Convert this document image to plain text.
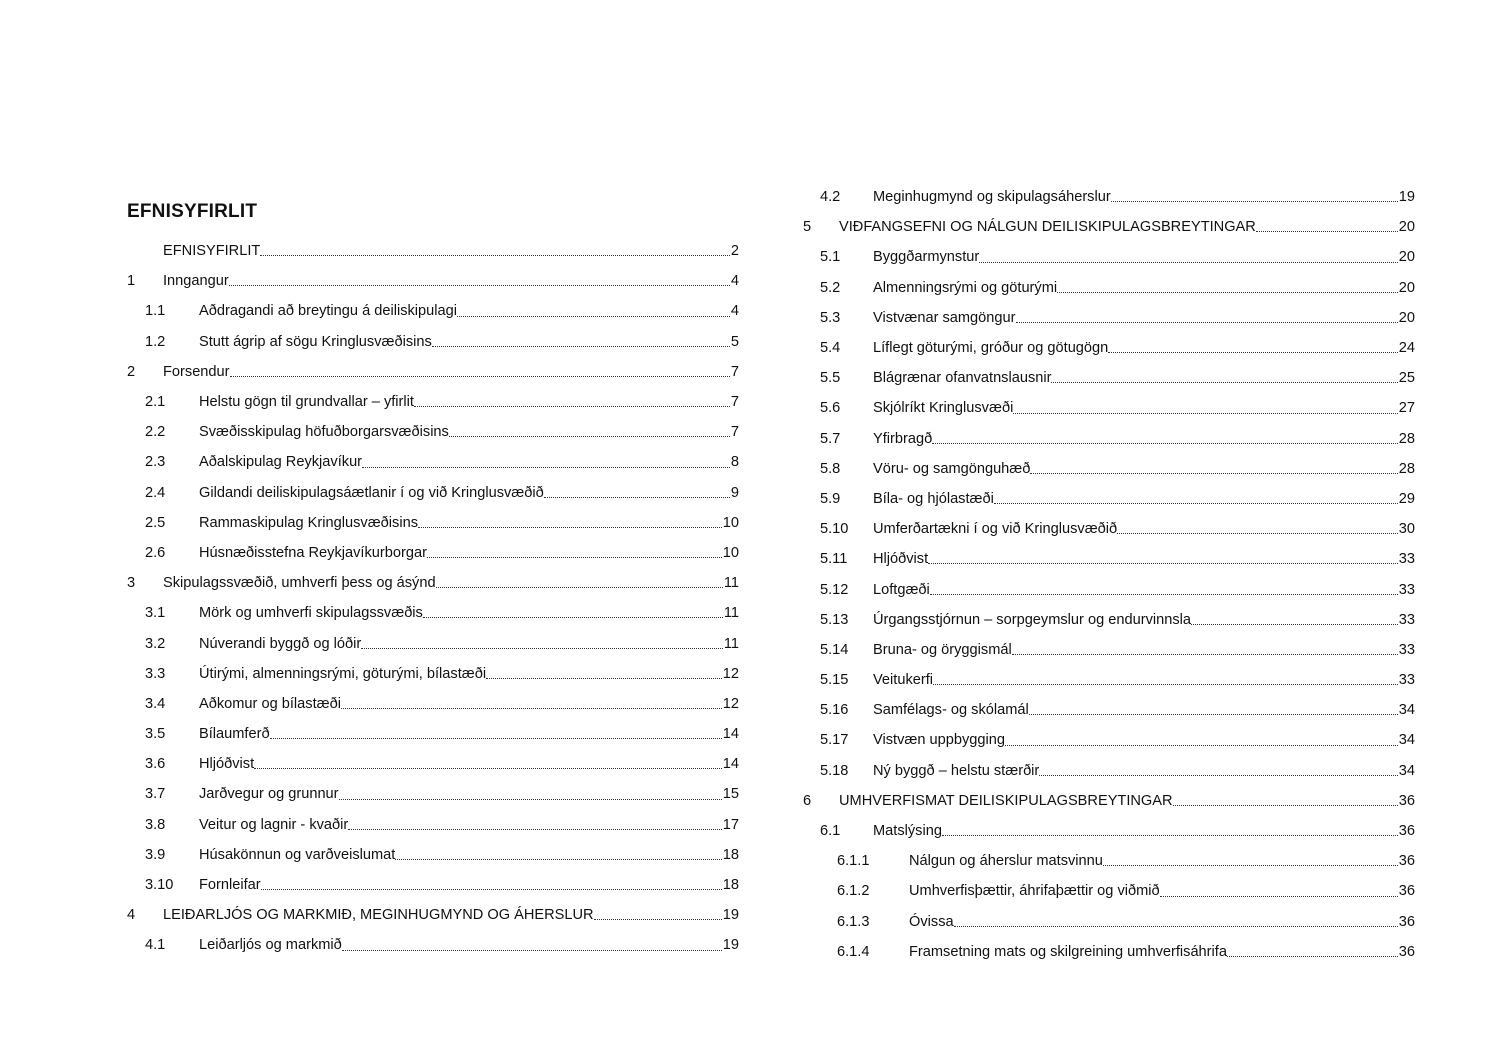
EFNISYFIRLIT
EFNISYFIRLIT	2
1	Inngangur	4
1.1	Aðdragandi að breytingu á deiliskipulagi	4
1.2	Stutt ágrip af sögu Kringlusvæðisins	5
2	Forsendur	7
2.1	Helstu gögn til grundvallar – yfirlit	7
2.2	Svæðisskipulag höfuðborgarsvæðisins	7
2.3	Aðalskipulag Reykjavíkur	8
2.4	Gildandi deiliskipulagsáætlanir í og við Kringlusvæðið	9
2.5	Rammaskipulag Kringlusvæðisins	10
2.6	Húsnæðisstefna Reykjavíkurborgar	10
3	Skipulagssvæðið, umhverfi þess og ásýnd	11
3.1	Mörk og umhverfi skipulagssvæðis	11
3.2	Núverandi byggð og lóðir	11
3.3	Útirými, almenningsrými, göturými, bílastæði	12
3.4	Aðkomur og bílastæði	12
3.5	Bílaumferð	14
3.6	Hljóðvist	14
3.7	Jarðvegur og grunnur	15
3.8	Veitur og lagnir - kvaðir	17
3.9	Húsakönnun og varðveislumat	18
3.10	Fornleifar	18
4	LEIÐARLJÓS OG MARKMIÐ, MEGINHUGMYND OG ÁHERSLUR	19
4.1	Leiðarljós og markmið	19
4.2	Meginhugmynd og skipulagsáherslur	19
5	VIÐFANGSEFNI OG NÁLGUN DEILISKIPULAGSBREYTINGAR	20
5.1	Byggðarmynstur	20
5.2	Almenningsrými og göturými	20
5.3	Vistvænar samgöngur	20
5.4	Líflegt göturými, gróður og götugögn	24
5.5	Blágrænar ofanvatnslausnir	25
5.6	Skjólríkt Kringlusvæði	27
5.7	Yfirbragð	28
5.8	Vöru- og samgönguhæð	28
5.9	Bíla- og hjólastæði	29
5.10	Umferðartækni í og við Kringlusvæðið	30
5.11	Hljóðvist	33
5.12	Loftgæði	33
5.13	Úrgangsstjórnun – sorpgeymslur og endurvinnsla	33
5.14	Bruna- og öryggismál	33
5.15	Veitukerfi	33
5.16	Samfélags- og skólamál	34
5.17	Vistvæn uppbygging	34
5.18	Ný byggð – helstu stærðir	34
6	UMHVERFISMAT DEILISKIPULAGSBREYTINGAR	36
6.1	Matslýsing	36
6.1.1	Nálgun og áherslur matsvinnu	36
6.1.2	Umhverfisþættir, áhrifaþættir og viðmið	36
6.1.3	Óvissa	36
6.1.4	Framsetning mats og skilgreining umhverfisáhrifa	36
